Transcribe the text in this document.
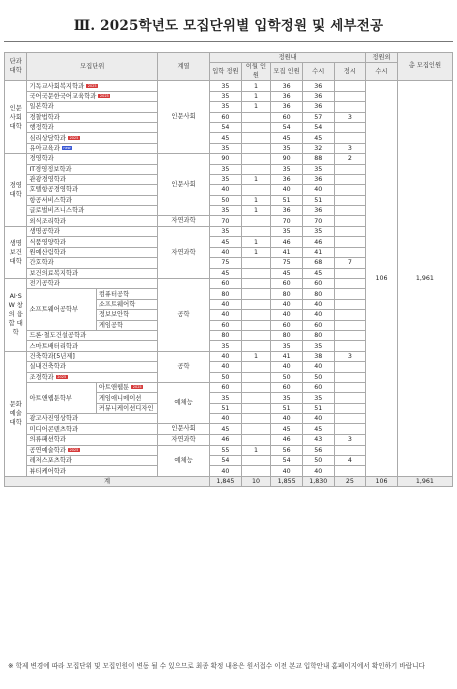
Ⅲ. 2025학년도 모집단위별 입학정원 및 세부전공
단과 대학	모집단위		계열	정원내					정원외	총 모집인원
				입학 정원	이월 인원	모집 인원	수시	정시	수시	
인문 사회 대학	기독교사회복지학과 2025		인문사회	35	1	36	36		106	1,961
	국어국문한국어교육학과 2025			35	1	36	36			
	일본학과			35	1	36	36			
	경찰법학과			60		60	57	3		
	행정학과			54		54	54			
	심리상담학과 2025			45		45	45			
	유아교육과 new			35		35	32	3		
경영 대학	경영학과		인문사회	90		90	88	2		
	IT경영정보학과			35		35	35			
	관광경영학과			35	1	36	36			
	호텔항공경영학과			40		40	40			
	항공서비스학과			50	1	51	51			
	글로벌비즈니스학과			35	1	36	36			
	외식조리학과		자연과학	70		70	70			
생명 보건 대학	생명공학과		자연과학	35		35	35			
	식품영양학과			45	1	46	46			
	원예산림학과			40	1	41	41			
	간호학과			75		75	68	7		
	보건의료복지학과			45		45	45			
AI·S W 창의 융합 대학	전기공학과		공학	60		60	60			
	소프트웨어공학부	컴퓨터공학		80		80	80			
		소프트웨어학		40		40	40			
		정보보안학		40		40	40			
		게임공학		60		60	60			
	드론·철도건설공학과			80		80	80			
	스마트배터리학과			35		35	35			
문화 예술 대학	건축학과[5년제]		공학	40	1	41	38	3		
	실내건축학과			40		40	40			
	조경학과 2025			50		50	50			
	아트앤웹툰학부	아트앤웹툰 2025	예체능	60		60	60			
		게임애니메이션		35		35	35			
		커뮤니케이션디자인		51		51	51			
	광고사진영상학과			40		40	40			
	미디어콘텐츠학과		인문사회	45		45	45			
	의류패션학과		자연과학	46		46	43	3		
	공연예술학과 2025		예체능	55	1	56	56			
	레저스포츠학과			54		54	50	4		
	뷰티케어학과			40		40	40			
계				1,845	10	1,855	1,830	25	106	1,961
※ 학제 변경에 따라 모집단위 및 모집인원이 변동 될 수 있으므로 최종 확정 내용은 원서접수 이전 본교 입학안내 홈페이지에서 확인하기 바랍니다
